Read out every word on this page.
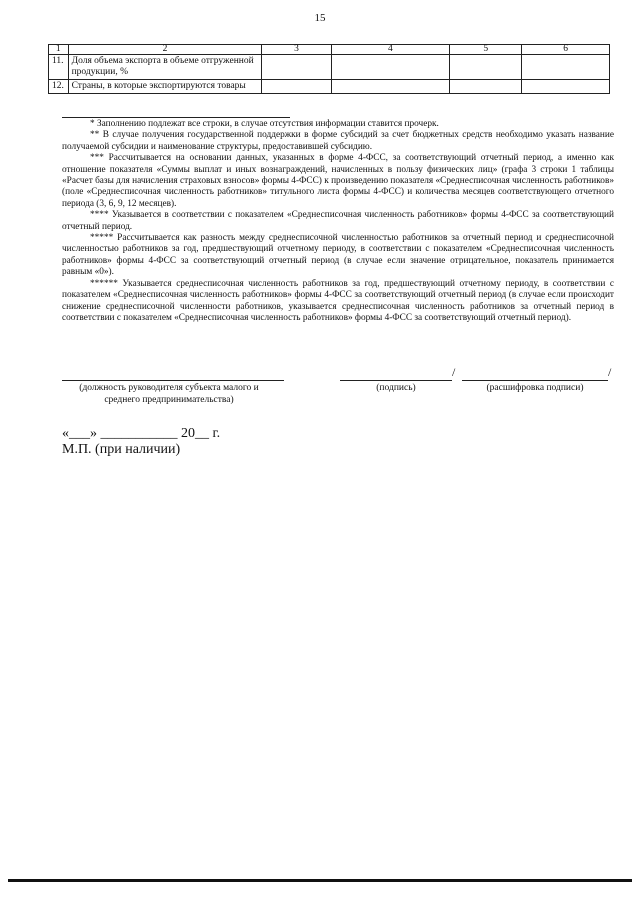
15
1	2	3	4	5	6
11.	Доля объема экспорта в объеме отгруженной продукции, %				
12.	Страны, в которые экспортируются товары				

* Заполнению подлежат все строки, в случае отсутствия информации ставится прочерк.

** В случае получения государственной поддержки в форме субсидий за счет бюджетных средств необходимо указать название получаемой субсидии и наименование структуры, предоставившей субсидию.

*** Рассчитывается на основании данных, указанных в форме 4-ФСС, за соответствующий отчетный период, а именно как отношение показателя «Суммы выплат и иных вознаграждений, начисленных в пользу физических лиц» (графа 3 строки 1 таблицы «Расчет базы для начисления страховых взносов» формы 4-ФСС) к произведению показателя «Среднесписочная численность работников» (поле «Среднесписочная численность работников» титульного листа формы 4-ФСС) и количества месяцев соответствующего отчетного периода (3, 6, 9, 12 месяцев).

**** Указывается в соответствии с показателем «Среднесписочная численность работников» формы 4-ФСС за соответствующий отчетный период.

***** Рассчитывается как разность между среднесписочной численностью работников за отчетный период и среднесписочной численностью работников за год, предшествующий отчетному периоду, в соответствии с показателем «Среднесписочная численность работников» формы 4-ФСС за соответствующий отчетный период (в случае если значение отрицательное, показатель принимается равным «0»).

****** Указывается среднесписочная численность работников за год, предшествующий отчетному периоду, в соответствии с показателем «Среднесписочная численность работников» формы 4-ФСС за соответствующий отчетный период (в случае если происходит снижение среднесписочной численности работников, указывается среднесписочная численность работников за отчетный период в соответствии с показателем «Среднесписочная численность работников» формы 4-ФСС за соответствующий отчетный период).

(должность руководителя субъекта малого и среднего предпринимательства)
/	/
(подпись)	(расшифровка подписи)
«___» ___________ 20__ г.
М.П. (при наличии)
